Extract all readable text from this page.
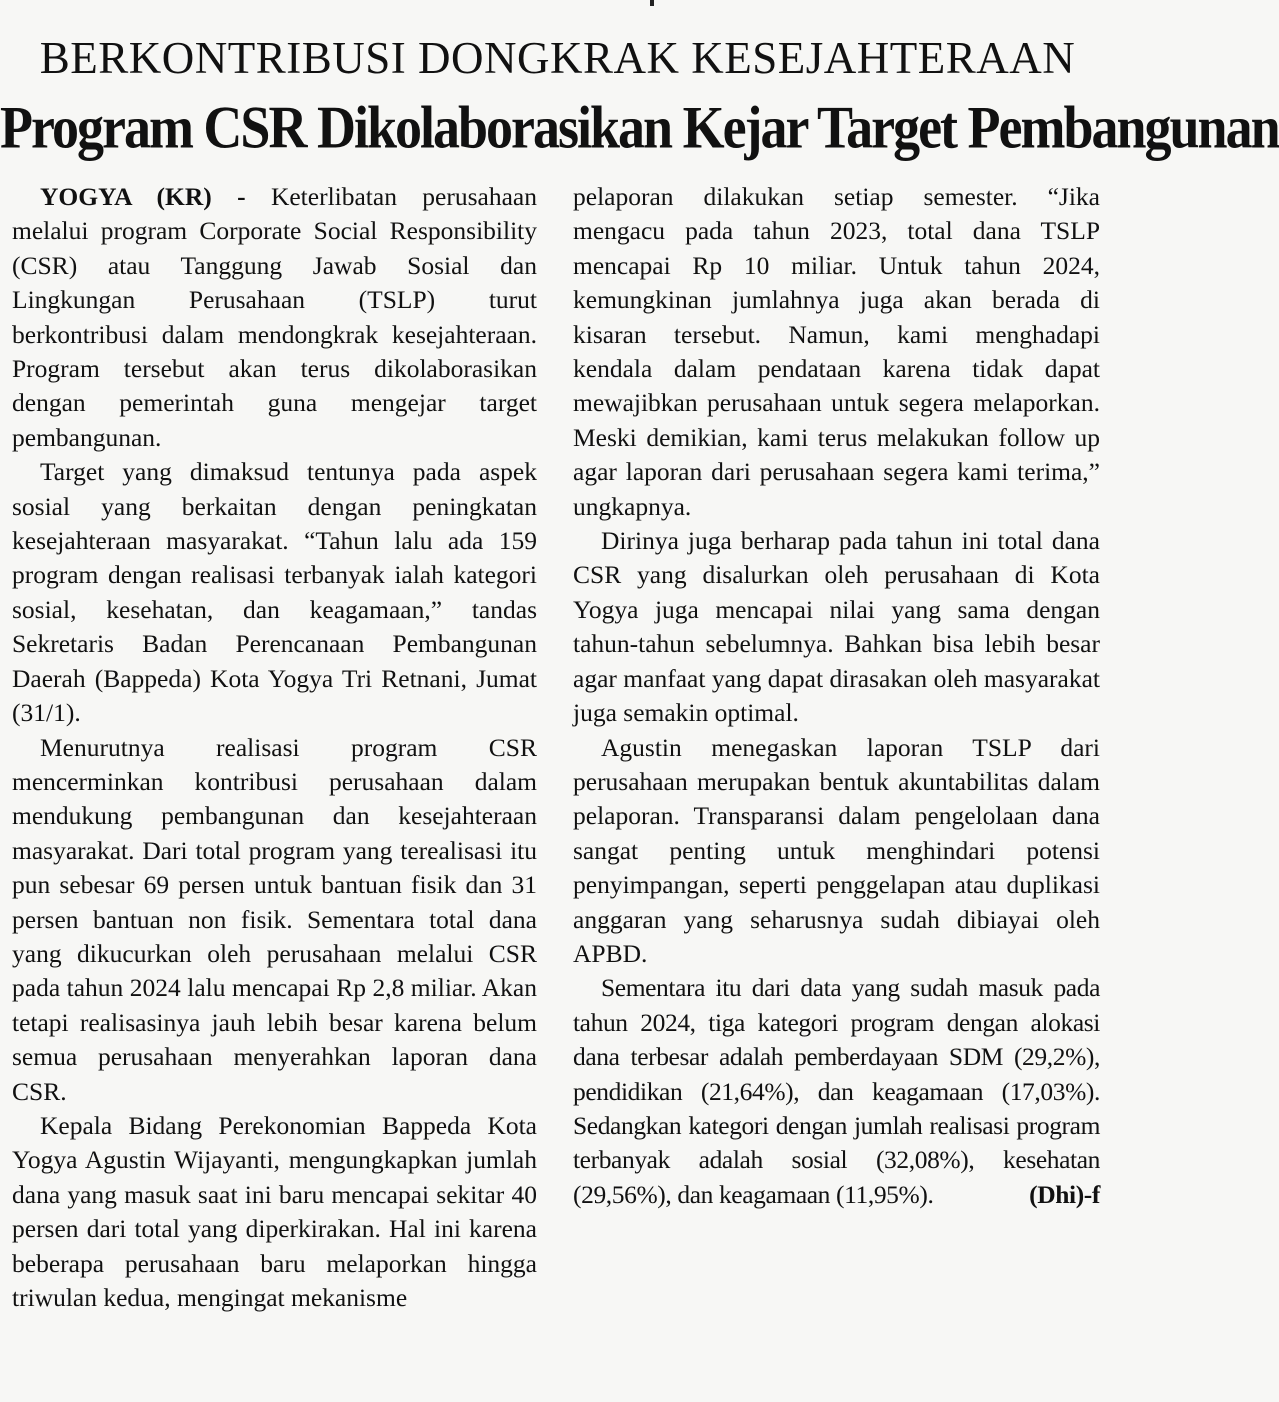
BERKONTRIBUSI DONGKRAK KESEJAHTERAAN
Program CSR Dikolaborasikan Kejar Target Pembangunan

YOGYA (KR) - Keterlibatan perusahaan melalui program Corporate Social Responsibility (CSR) atau Tanggung Jawab Sosial dan Lingkungan Perusahaan (TSLP) turut berkontribusi dalam mendongkrak kesejahteraan. Program tersebut akan terus dikolaborasikan dengan pemerintah guna mengejar target pembangunan.

Target yang dimaksud tentunya pada aspek sosial yang berkaitan dengan peningkatan kesejahteraan masyarakat. “Tahun lalu ada 159 program dengan realisasi terbanyak ialah kategori sosial, kesehatan, dan keagamaan,” tandas Sekretaris Badan Perencanaan Pembangunan Daerah (Bappeda) Kota Yogya Tri Retnani, Jumat (31/1).

Menurutnya realisasi program CSR mencerminkan kontribusi perusahaan dalam mendukung pembangunan dan kesejahteraan masyarakat. Dari total program yang terealisasi itu pun sebesar 69 persen untuk bantuan fisik dan 31 persen bantuan non fisik. Sementara total dana yang dikucurkan oleh perusahaan melalui CSR pada tahun 2024 lalu mencapai Rp 2,8 miliar. Akan tetapi realisasinya jauh lebih besar karena belum semua perusahaan menyerahkan laporan dana CSR.

Kepala Bidang Perekonomian Bappeda Kota Yogya Agustin Wijayanti, mengungkapkan jumlah dana yang masuk saat ini baru mencapai sekitar 40 persen dari total yang diperkirakan. Hal ini karena beberapa perusahaan baru melaporkan hingga triwulan kedua, mengingat mekanisme

pelaporan dilakukan setiap semester. “Jika mengacu pada tahun 2023, total dana TSLP mencapai Rp 10 miliar. Untuk tahun 2024, kemungkinan jumlahnya juga akan berada di kisaran tersebut. Namun, kami menghadapi kendala dalam pendataan karena tidak dapat mewajibkan perusahaan untuk segera melaporkan. Meski demikian, kami terus melakukan follow up agar laporan dari perusahaan segera kami terima,” ungkapnya.

Dirinya juga berharap pada tahun ini total dana CSR yang disalurkan oleh perusahaan di Kota Yogya juga mencapai nilai yang sama dengan tahun-tahun sebelumnya. Bahkan bisa lebih besar agar manfaat yang dapat dirasakan oleh masyarakat juga semakin optimal.

Agustin menegaskan laporan TSLP dari perusahaan merupakan bentuk akuntabilitas dalam pelaporan. Transparansi dalam pengelolaan dana sangat penting untuk menghindari potensi penyimpangan, seperti penggelapan atau duplikasi anggaran yang seharusnya sudah dibiayai oleh APBD.

Sementara itu dari data yang sudah masuk pada tahun 2024, tiga kategori program dengan alokasi dana terbesar adalah pemberdayaan SDM (29,2%), pendidikan (21,64%), dan keagamaan (17,03%). Sedangkan kategori dengan jumlah realisasi program terbanyak adalah sosial (32,08%), kesehatan (29,56%), dan keagamaan (11,95%).	(Dhi)-f
